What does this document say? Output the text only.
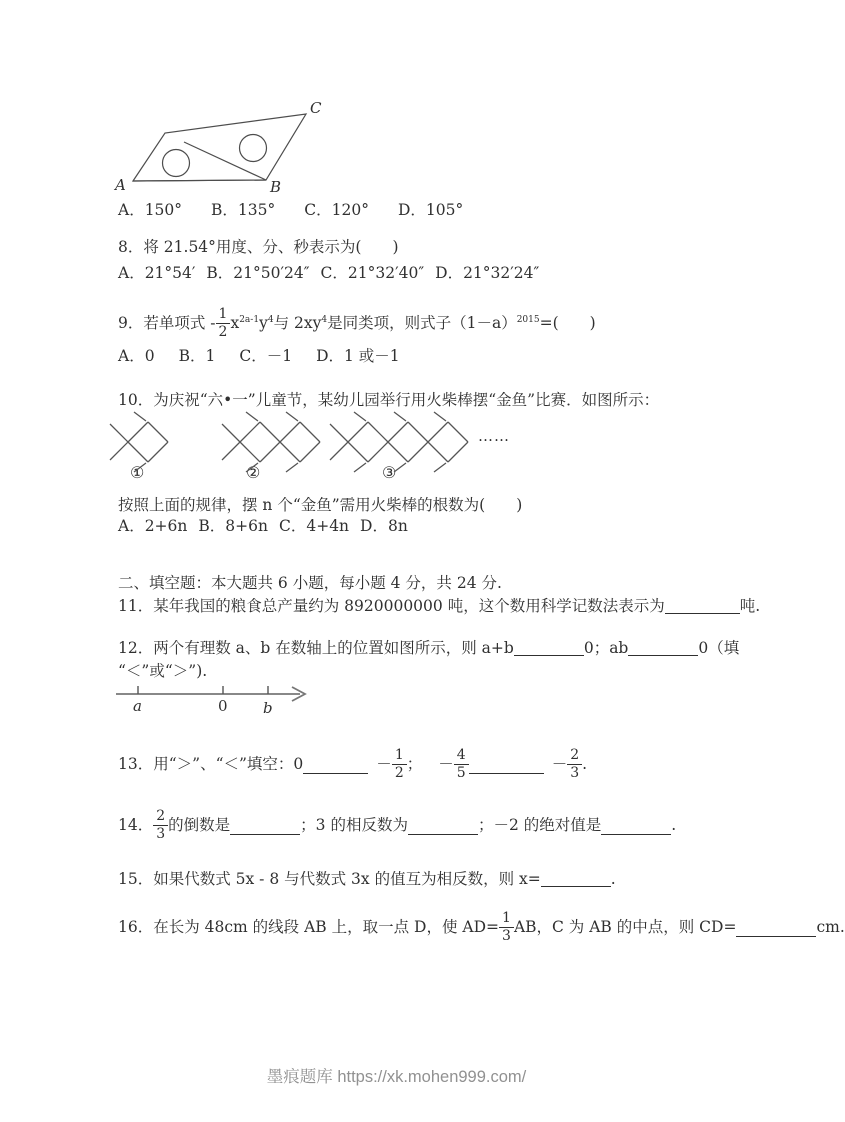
A	B
C
A．150° B．135° C．120° D．105°
8．将 21.54°用度、分、秒表示为(　　)
A．21°54′ B．21°50′24″ C．21°32′40″ D．21°32′24″
9．若单项式 - $\frac{1}{2} x^{2a-1}y^4$与 $2xy^4$是同类项，则式子$(1-a)^{2015}=$(　　)
A．0 B．1 C．－1 D．1 或－1
10．为庆祝“六•一”儿童节，某幼儿园举行用火柴棒摆“金鱼”比赛．如图所示：
①	②	③
……
按照上面的规律，摆 n 个“金鱼”需用火柴棒的根数为(　　)
A．2+6n B．8+6n C．4+4n D．8n
二、填空题：本大题共 6 小题，每小题 4 分，共 24 分.
11．某年我国的粮食总产量约为 8920000000 吨，这个数用科学记数法表示为	吨.
12．两个有理数 a、b 在数轴上的位置如图所示，则 a+b	0；ab	0（填
“＜”或“＞”).
a	0 b
13．用“＞”、“＜”填空：0	－ $\frac{1}{2}$ ； － $\frac{4}{5}$	－ $\frac{2}{3}$ .
14． $\frac{2}{3}$ 的倒数是	；3 的相反数为	；－2 的绝对值是	.
15．如果代数式 5x - 8 与代数式 3x 的值互为相反数，则 x=	.
16．在长为 48cm 的线段 AB 上，取一点 D，使 $AD= \frac{1}{3}$ AB，C 为 AB 的中点，则 CD=	cm.
墨痕题库 https://xk.mohen999.com/
